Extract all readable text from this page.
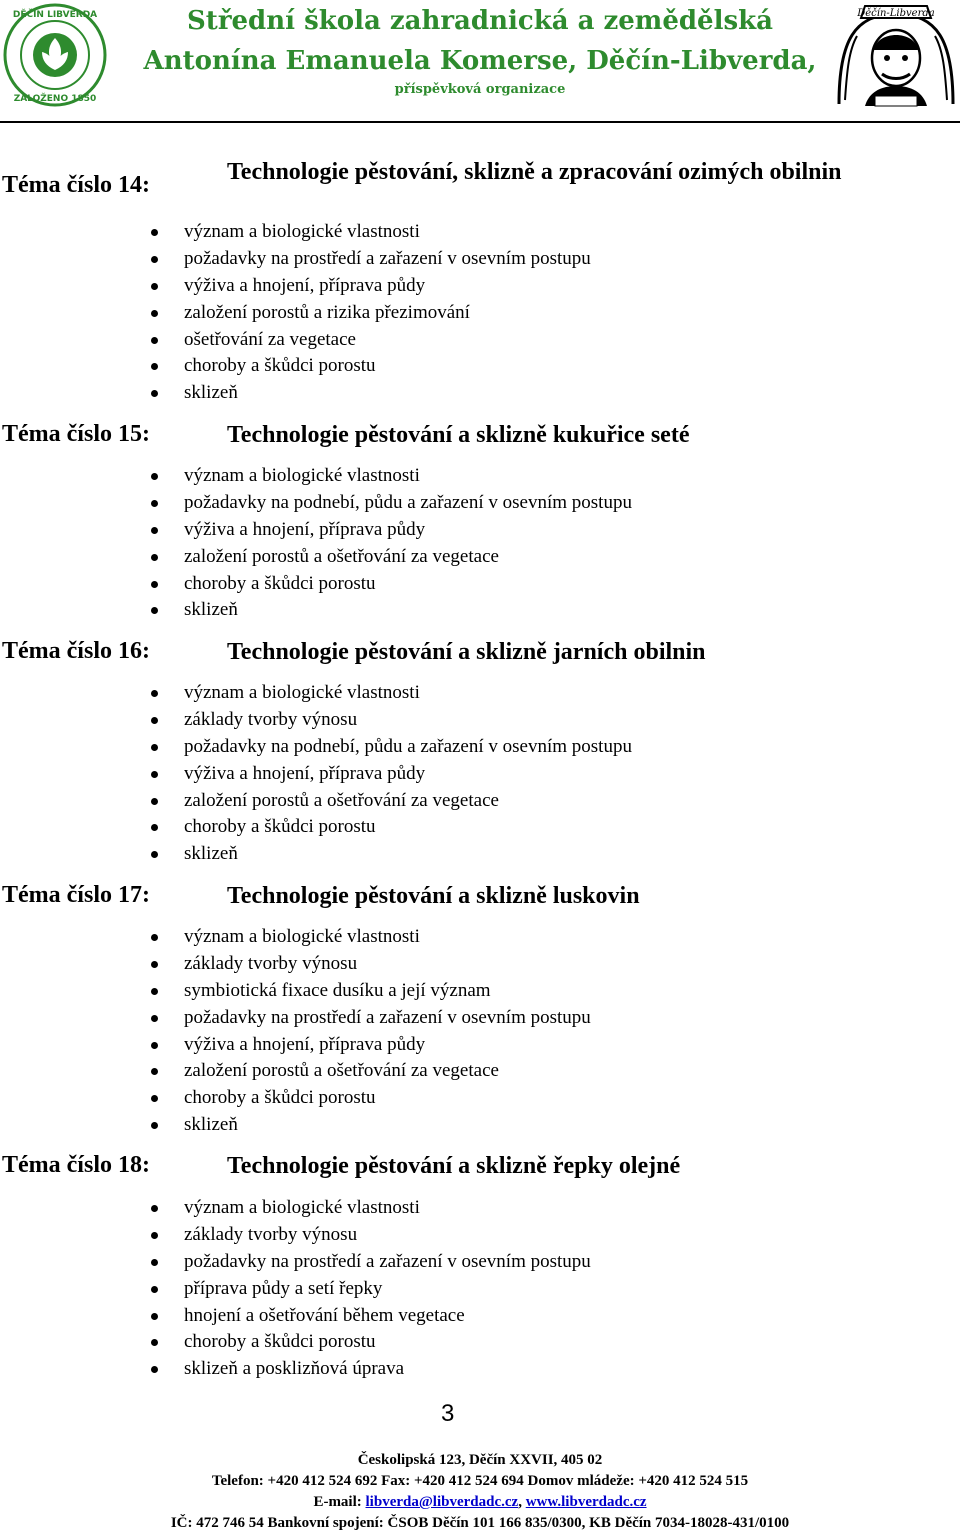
DĚČÍN LIBVERDA
ZALOŽENO 1850
Střední škola zahradnická a zemědělská
Antonína Emanuela Komerse, Děčín-Libverda,
příspěvková organizace
Děčín-Libverda
Téma číslo 14:	Technologie pěstování, sklizně a zpracování ozimých obilnin
význam a biologické vlastnosti
požadavky na prostředí a zařazení v osevním postupu
výživa a hnojení, příprava půdy
založení porostů a rizika přezimování
ošetřování za vegetace
choroby a škůdci porostu
sklizeň
Téma číslo 15:	Technologie pěstování a sklizně kukuřice seté
význam a biologické vlastnosti
požadavky na podnebí, půdu a zařazení v osevním postupu
výživa a hnojení, příprava půdy
založení porostů a ošetřování za vegetace
choroby a škůdci porostu
sklizeň
Téma číslo 16:	Technologie pěstování a sklizně jarních obilnin
význam a biologické vlastnosti
základy tvorby výnosu
požadavky na podnebí, půdu a zařazení v osevním postupu
výživa a hnojení, příprava půdy
založení porostů a ošetřování za vegetace
choroby a škůdci porostu
sklizeň
Téma číslo 17:	Technologie pěstování a sklizně luskovin
význam a biologické vlastnosti
základy tvorby výnosu
symbiotická fixace dusíku a její význam
požadavky na prostředí a zařazení v osevním postupu
výživa a hnojení, příprava půdy
založení porostů a ošetřování za vegetace
choroby a škůdci porostu
sklizeň
Téma číslo 18:	Technologie pěstování a sklizně řepky olejné
význam a biologické vlastnosti
základy tvorby výnosu
požadavky na prostředí a zařazení v osevním postupu
příprava půdy a setí řepky
hnojení a ošetřování během vegetace
choroby a škůdci porostu
sklizeň a posklizňová úprava
3
Českolipská 123, Děčín XXVII, 405 02
Telefon: +420 412 524 692 Fax: +420 412 524 694 Domov mládeže: +420 412 524 515
E-mail: libverda@libverdadc.cz, www.libverdadc.cz
IČ: 472 746 54 Bankovní spojení: ČSOB Děčín 101 166 835/0300, KB Děčín 7034-18028-431/0100
